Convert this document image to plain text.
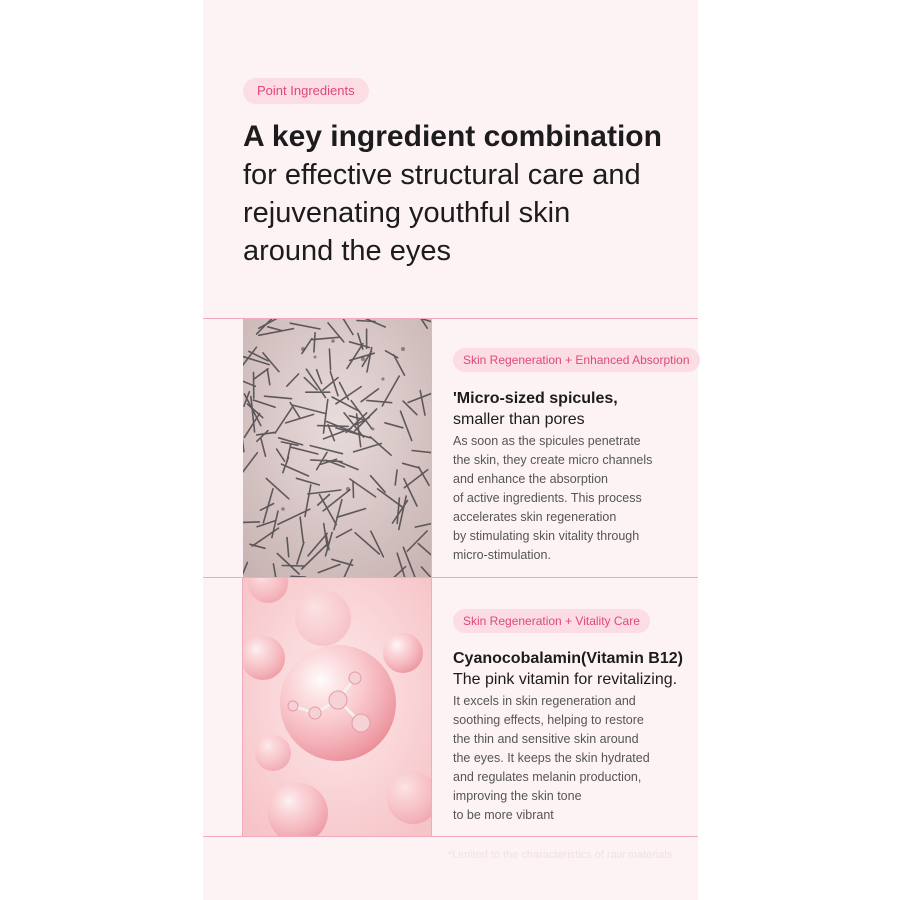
Point Ingredients

A key ingredient combination

for effective structural care and

rejuvenating youthful skin

around the eyes

Skin Regeneration + Enhanced Absorption

'Micro-sized spicules,

smaller than pores

As soon as the spicules penetrate
the skin, they create micro channels
and enhance the absorption
of active ingredients. This process
accelerates skin regeneration
by stimulating skin vitality through
micro-stimulation.
Skin Regeneration + Vitality Care

Cyanocobalamin(Vitamin B12)

The pink vitamin for revitalizing.

It excels in skin regeneration and
soothing effects, helping to restore
the thin and sensitive skin around
the eyes. It keeps the skin hydrated
and regulates melanin production,
improving the skin tone
to be more vibrant
*Limited to the characteristics of raw materials
